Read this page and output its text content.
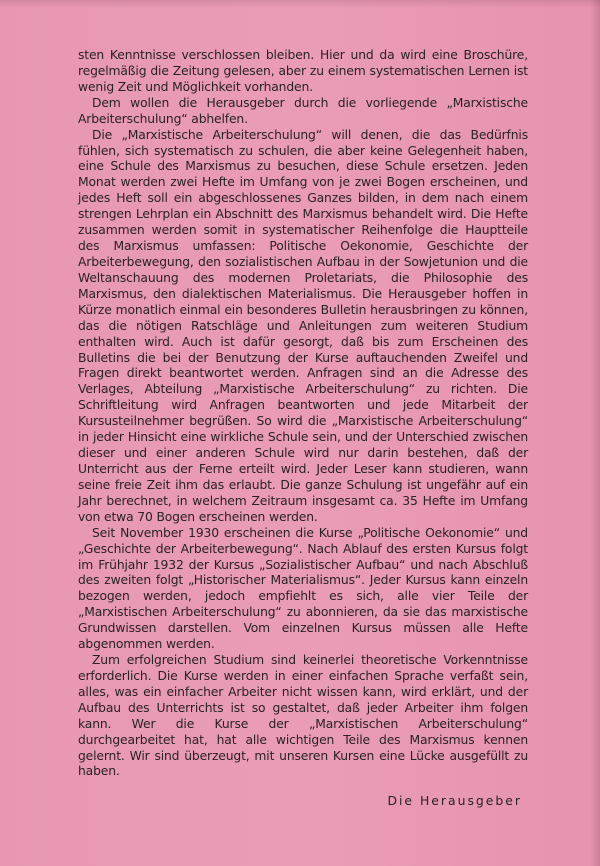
sten Kenntnisse verschlossen bleiben. Hier und da wird eine Broschüre, regelmäßig die Zeitung gelesen, aber zu einem systematischen Lernen ist wenig Zeit und Möglichkeit vorhanden.

Dem wollen die Herausgeber durch die vorliegende „Marxistische Arbeiterschulung“ abhelfen.

Die „Marxistische Arbeiterschulung“ will denen, die das Bedürfnis fühlen, sich systematisch zu schulen, die aber keine Gelegenheit haben, eine Schule des Marxismus zu besuchen, diese Schule ersetzen. Jeden Monat werden zwei Hefte im Umfang von je zwei Bogen erscheinen, und jedes Heft soll ein abgeschlossenes Ganzes bilden, in dem nach einem strengen Lehrplan ein Abschnitt des Marxismus behandelt wird. Die Hefte zusammen werden somit in systematischer Reihenfolge die Hauptteile des Marxismus umfassen: Politische Oekonomie, Geschichte der Arbeiterbewegung, den sozialistischen Aufbau in der Sowjetunion und die Weltanschauung des modernen Proletariats, die Philosophie des Marxismus, den dialektischen Materialismus. Die Herausgeber hoffen in Kürze monatlich einmal ein besonderes Bulletin herausbringen zu können, das die nötigen Ratschläge und Anleitungen zum weiteren Studium enthalten wird. Auch ist dafür gesorgt, daß bis zum Erscheinen des Bulletins die bei der Benutzung der Kurse auftauchenden Zweifel und Fragen direkt beantwortet werden. Anfragen sind an die Adresse des Verlages, Abteilung „Marxistische Arbeiterschulung“ zu richten. Die Schriftleitung wird Anfragen beantworten und jede Mitarbeit der Kursusteilnehmer begrüßen. So wird die „Marxistische Arbeiterschulung“ in jeder Hinsicht eine wirkliche Schule sein, und der Unterschied zwischen dieser und einer anderen Schule wird nur darin bestehen, daß der Unterricht aus der Ferne erteilt wird. Jeder Leser kann studieren, wann seine freie Zeit ihm das erlaubt. Die ganze Schulung ist ungefähr auf ein Jahr berechnet, in welchem Zeitraum insgesamt ca. 35 Hefte im Umfang von etwa 70 Bogen erscheinen werden.

Seit November 1930 erscheinen die Kurse „Politische Oekonomie“ und „Geschichte der Arbeiterbewegung“. Nach Ablauf des ersten Kursus folgt im Frühjahr 1932 der Kursus „Sozialistischer Aufbau“ und nach Abschluß des zweiten folgt „Historischer Materialismus“. Jeder Kursus kann einzeln bezogen werden, jedoch empfiehlt es sich, alle vier Teile der „Marxistischen Arbeiterschulung“ zu abonnieren, da sie das marxistische Grundwissen darstellen. Vom einzelnen Kursus müssen alle Hefte abgenommen werden.

Zum erfolgreichen Studium sind keinerlei theoretische Vorkenntnisse erforderlich. Die Kurse werden in einer einfachen Sprache verfaßt sein, alles, was ein einfacher Arbeiter nicht wissen kann, wird erklärt, und der Aufbau des Unterrichts ist so gestaltet, daß jeder Arbeiter ihm folgen kann. Wer die Kurse der „Marxistischen Arbeiterschulung“ durchgearbeitet hat, hat alle wichtigen Teile des Marxismus kennen gelernt. Wir sind überzeugt, mit unseren Kursen eine Lücke ausgefüllt zu haben.

Die Herausgeber
